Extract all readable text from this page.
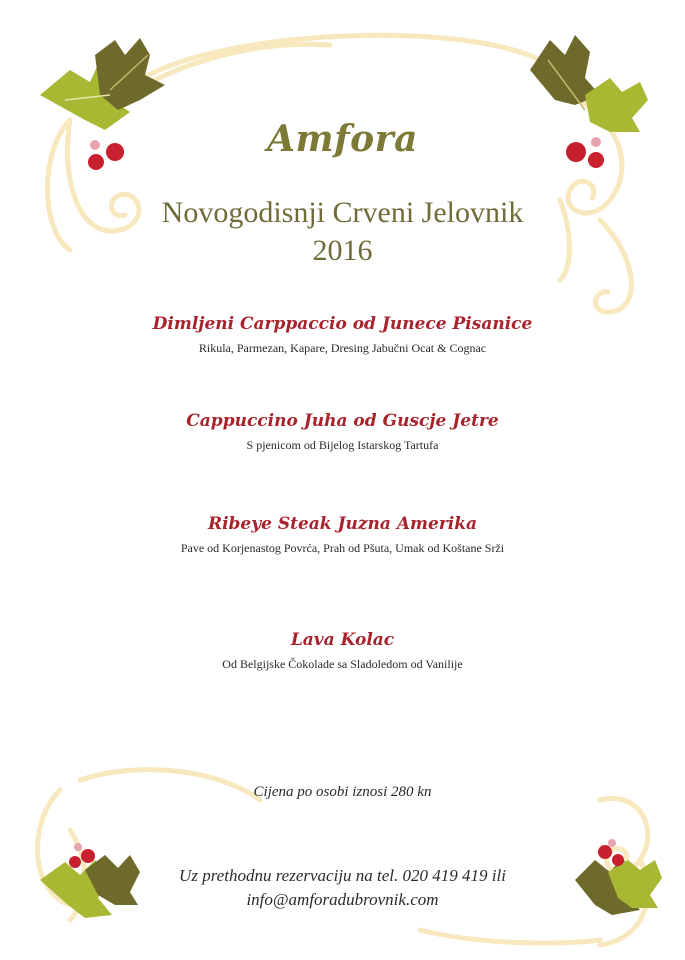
Amfora
Novogodisnji Crveni Jelovnik
2016
Dimljeni Carppaccio od Junece Pisanice
Rikula, Parmezan, Kapare, Dresing Jabučni Ocat & Cognac
Cappuccino Juha od Guscje Jetre
S pjenicom od Bijelog Istarskog Tartufa
Ribeye Steak Juzna Amerika
Pave od Korjenastog Povrća, Prah od Pšuta, Umak od Koštane Srži
Lava Kolac
Od Belgijske Čokolade sa Sladoledom od Vanilije
Cijena po osobi iznosi 280 kn
Uz prethodnu rezervaciju na tel. 020 419 419 ili
info@amforadubrovnik.com
